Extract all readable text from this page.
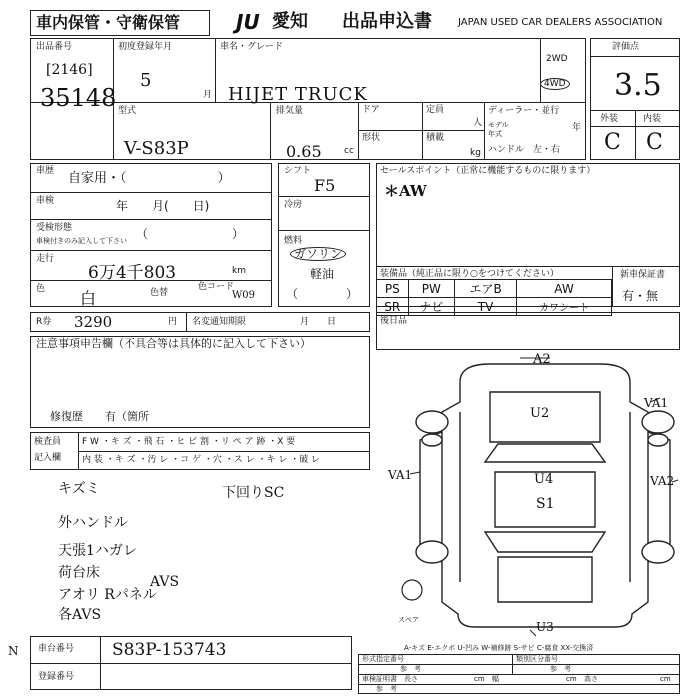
車内保管・守衛保管	JU 愛知 出品申込書	JAPAN USED CAR DEALERS ASSOCIATION
出品番号
[2146]
35148
初度登録年月
5
月
車名・グレード
HIJET TRUCK
2WD
4WD
型式
V-S83P
排気量
0.65 cc
ドア
形状
定員
人
積載
kg
ディーラー・並行
モデル	年
年式
ハンドル　左・右
評価点
3.5
外装	内装
C C
車歴 自家用・（　　　　　　　）
車検	年　　月(　　日)
受検形態
車検付きのみ記入して下さい （　　　　　　　）
走行
6万4千803	km
色 白	色替
色コード
W09
シフト
F5
冷房
燃料
ガソリン
軽油
（　　　　）
セールスポイント（正常に機能するものに限ります）
＊AW
装備品（純正品に限り○をつけてください）
PS	PW	エアB	AW
SR	ナビ	TV	カワシート
新車保証書
有・無
R券 3290	円 名変通知期限	月　　日
注意事項申告欄（不具合等は具体的に記入して下さい）
修復歴　　有（箇所
検査員
記入欄
F W ・キ ズ ・飛 石 ・ヒ ビ 割 ・リ ペ ア 跡 ・X 要
内 装 ・キ ズ ・汚 レ ・コ ゲ ・穴 ・ス レ ・キ レ ・破 レ
後日品
キズミ
外ハンドル
天張1ハガレ
荷台床
アオリ Rパネル
各AVS
AVS
下回りSC
A2
U2
VA1
VA1	VA2
U4
S1
U3
スペア
A-キズ E-エクボ U-凹み W-補修跡 S-サビ C-腐食 XX-交換済
車台番号 S83P-153743
登録番号
N
形式指定番号	類別区分番号
参　考	参　考
車検証明書 長さ	cm 幅	cm 高さ	cm
参　考
